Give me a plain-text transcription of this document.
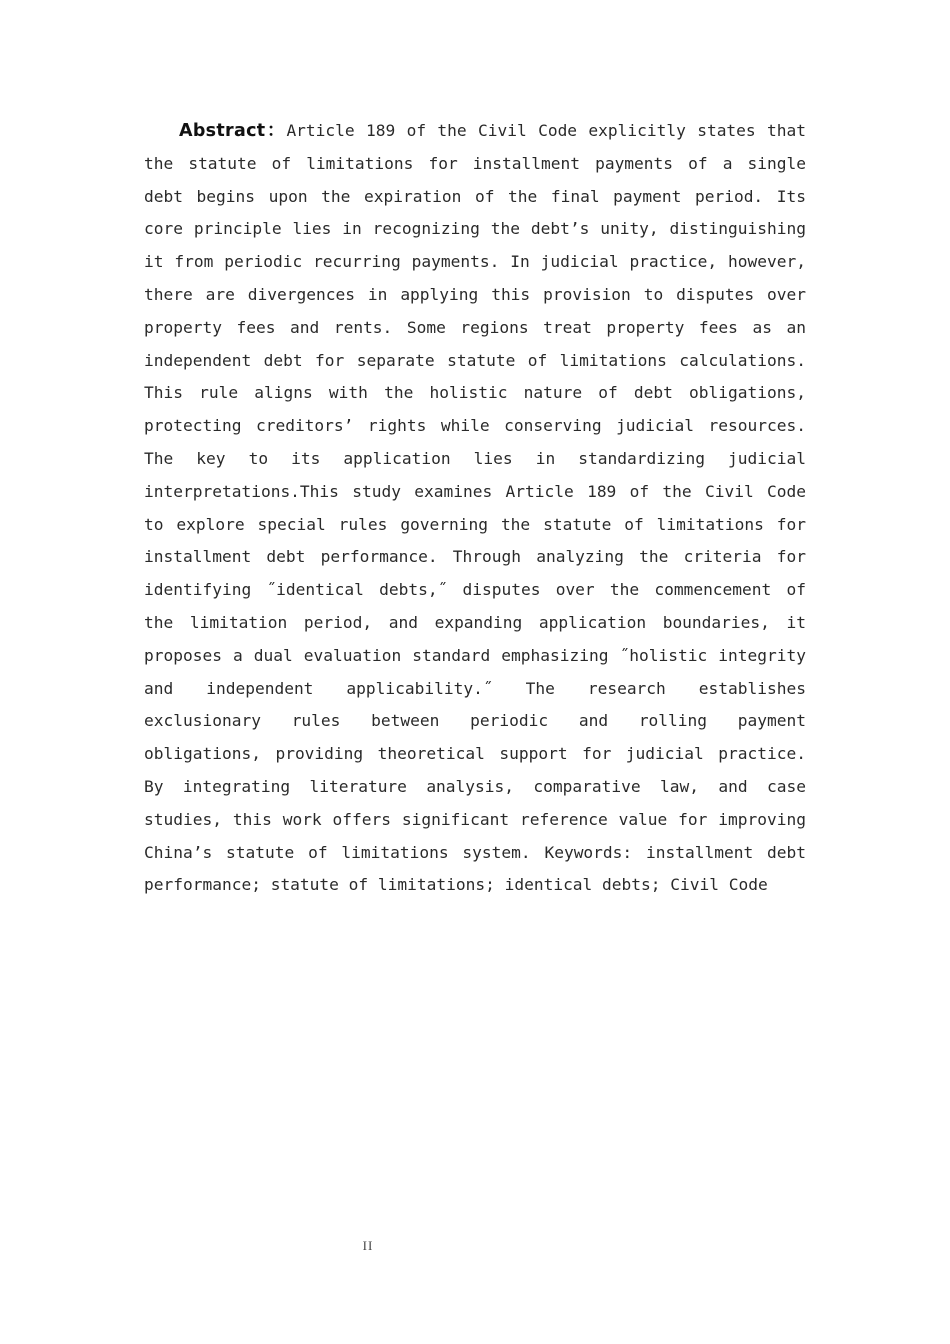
Abstract：Article 189 of the Civil Code explicitly states that the statute of limitations for installment payments of a single debt begins upon the expiration of the final payment period. Its core principle lies in recognizing the debt’s unity, distinguishing it from periodic recurring payments. In judicial practice, however, there are divergences in applying this provision to disputes over property fees and rents. Some regions treat property fees as an independent debt for separate statute of limitations calculations. This rule aligns with the holistic nature of debt obligations, protecting creditors’ rights while conserving judicial resources. The key to its application lies in standardizing judicial interpretations.This study examines Article 189 of the Civil Code to explore special rules governing the statute of limitations for installment debt performance. Through analyzing the criteria for identifying ˝identical debts,˝ disputes over the commencement of the limitation period, and expanding application boundaries, it proposes a dual evaluation standard emphasizing ˝holistic integrity and independent applicability.˝ The research establishes exclusionary rules between periodic and rolling payment obligations, providing theoretical support for judicial practice. By integrating literature analysis, comparative law, and case studies, this work offers significant reference value for improving China’s statute of limitations system. Keywords: installment debt performance; statute of limitations; identical debts; Civil Code

II
